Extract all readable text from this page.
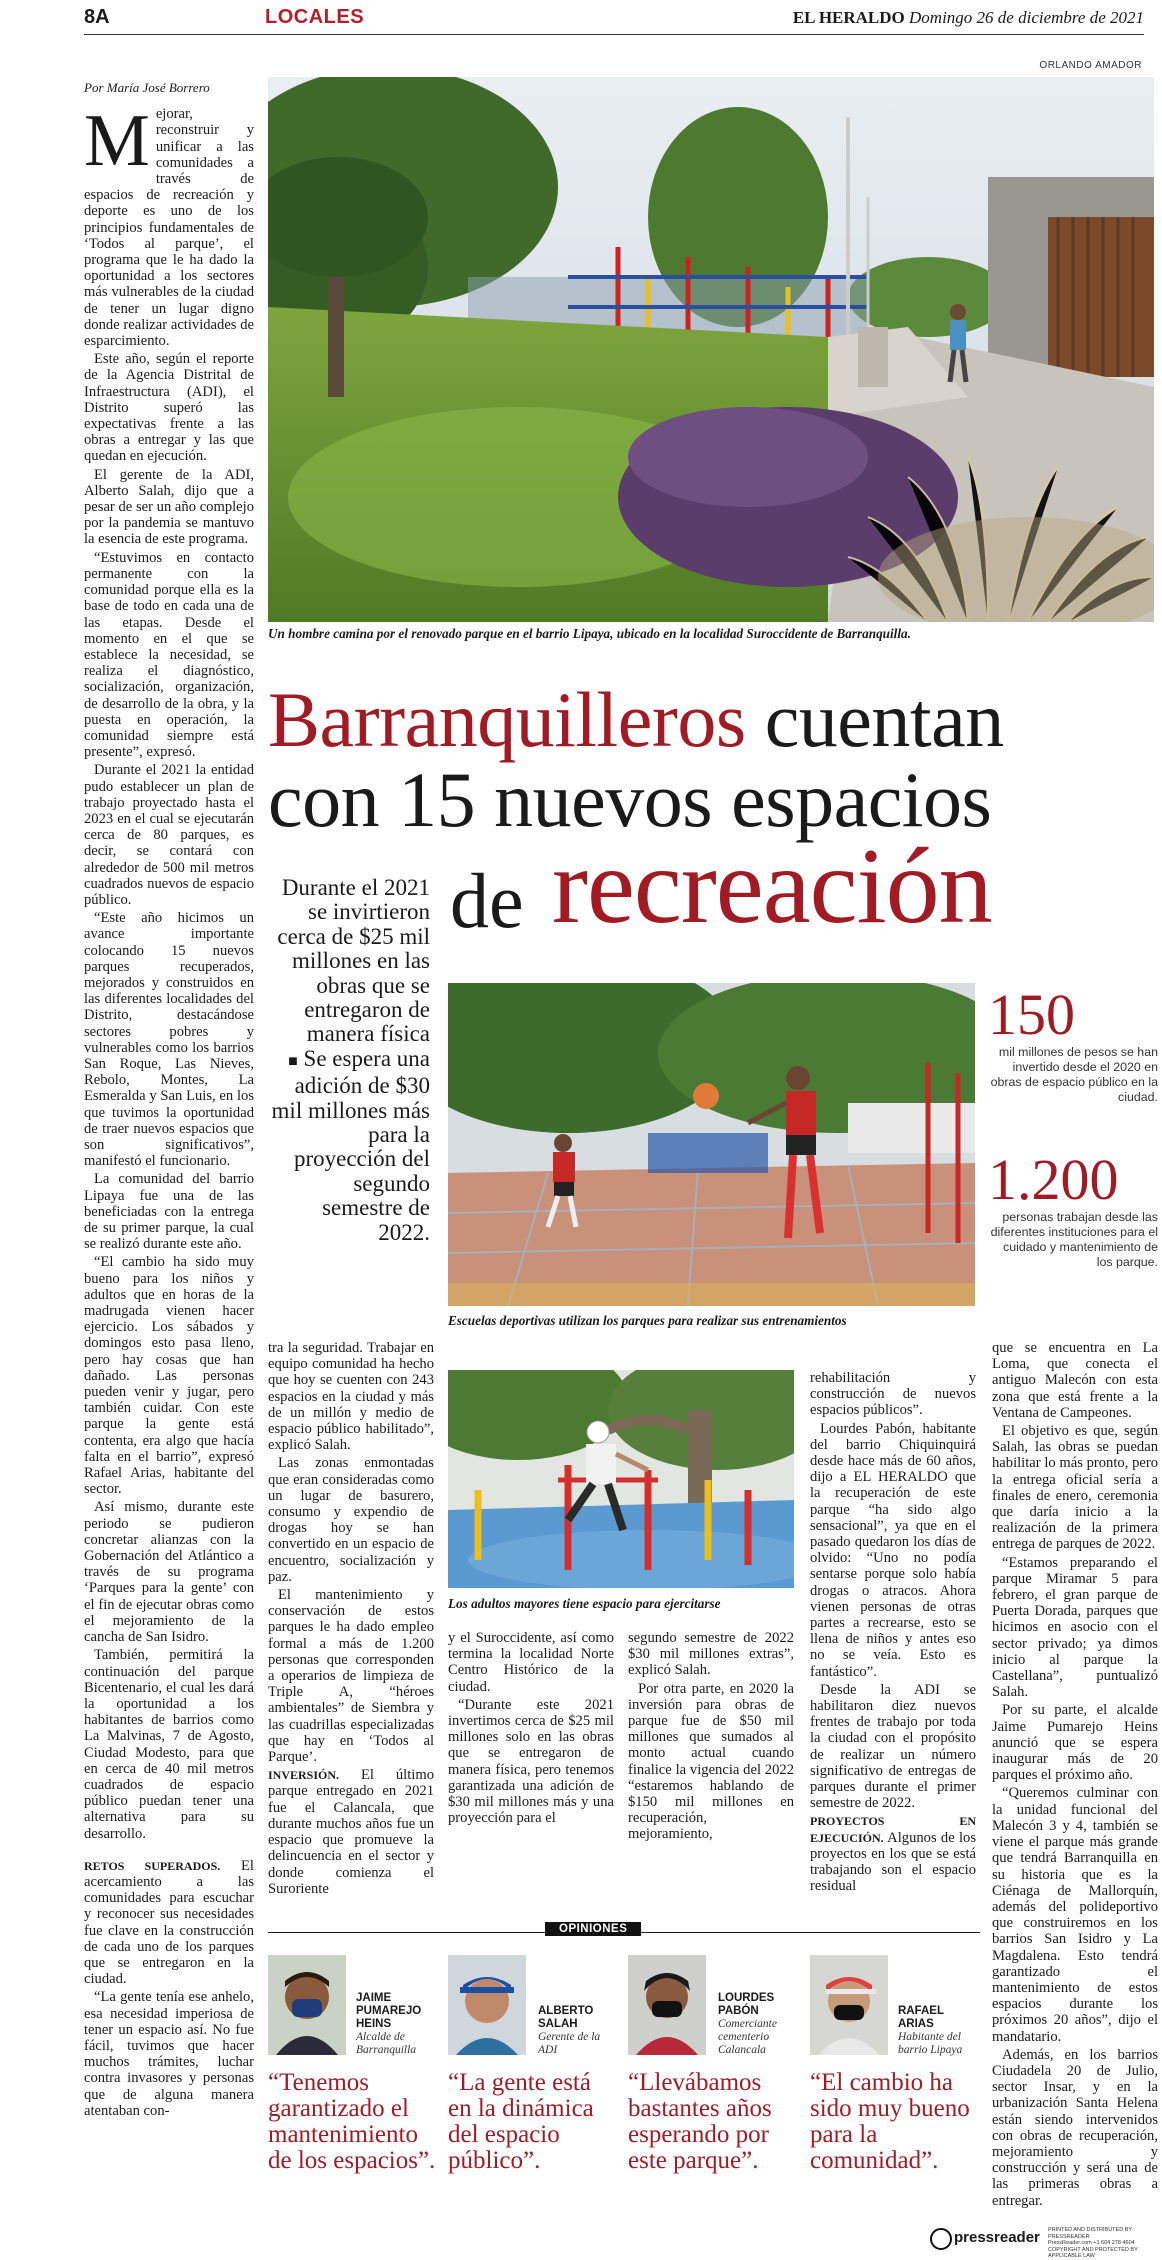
8A	LOCALES	EL HERALDO Domingo 26 de diciembre de 2021
ORLANDO AMADOR
Un hombre camina por el renovado parque en el barrio Lipaya, ubicado en la localidad Suroccidente de Barranquilla.

Por María José Borrero

Mejorar, reconstruir y unificar a las comunidades a través de espacios de recreación y deporte es uno de los principios fundamentales de ‘Todos al parque’, el programa que le ha dado la oportunidad a los sectores más vulnerables de la ciudad de tener un lugar digno donde realizar actividades de esparcimiento.

Este año, según el reporte de la Agencia Distrital de Infraestructura (ADI), el Distrito superó las expectativas frente a las obras a entregar y las que quedan en ejecución.

El gerente de la ADI, Alberto Salah, dijo que a pesar de ser un año complejo por la pandemia se mantuvo la esencia de este programa.

“Estuvimos en contacto permanente con la comunidad porque ella es la base de todo en cada una de las etapas. Desde el momento en el que se establece la necesidad, se realiza el diagnóstico, socialización, organización, de desarrollo de la obra, y la puesta en operación, la comunidad siempre está presente”, expresó.

Durante el 2021 la entidad pudo establecer un plan de trabajo proyectado hasta el 2023 en el cual se ejecutarán cerca de 80 parques, es decir, se contará con alrededor de 500 mil metros cuadrados nuevos de espacio público.

“Este año hicimos un avance importante colocando 15 nuevos parques recuperados, mejorados y construidos en las diferentes localidades del Distrito, destacándose sectores pobres y vulnerables como los barrios San Roque, Las Nieves, Rebolo, Montes, La Esmeralda y San Luis, en los que tuvimos la oportunidad de traer nuevos espacios que son significativos”, manifestó el funcionario.

La comunidad del barrio Lipaya fue una de las beneficiadas con la entrega de su primer parque, la cual se realizó durante este año.

“El cambio ha sido muy bueno para los niños y adultos que en horas de la madrugada vienen hacer ejercicio. Los sábados y domingos esto pasa lleno, pero hay cosas que han dañado. Las personas pueden venir y jugar, pero también cuidar. Con este parque la gente está contenta, era algo que hacía falta en el barrio”, expresó Rafael Arias, habitante del sector.

Así mismo, durante este periodo se pudieron concretar alianzas con la Gobernación del Atlántico a través de su programa ‘Parques para la gente’ con el fin de ejecutar obras como el mejoramiento de la cancha de San Isidro.

También, permitirá la continuación del parque Bicentenario, el cual les dará la oportunidad a los habitantes de barrios como La Malvinas, 7 de Agosto, Ciudad Modesto, para que en cerca de 40 mil metros cuadrados de espacio público puedan tener una alternativa para su desarrollo.

RETOS SUPERADOS. El acercamiento a las comunidades para escuchar y reconocer sus necesidades fue clave en la construcción de cada uno de los parques que se entregaron en la ciudad.

“La gente tenía ese anhelo, esa necesidad imperiosa de tener un espacio así. No fue fácil, tuvimos que hacer muchos trámites, luchar contra invasores y personas que de alguna manera atentaban con-

Barranquilleros cuentan
con 15 nuevos espacios
de recreación
Durante el 2021 se invirtieron cerca de $25 mil millones en las obras que se entregaron de manera física
■ Se espera una adición de $30 mil millones más para la proyección del segundo semestre de 2022.
Escuelas deportivas utilizan los parques para realizar sus entrenamientos
150
mil millones de pesos se han invertido desde el 2020 en obras de espacio público en la ciudad.
1.200
personas trabajan desde las diferentes instituciones para el cuidado y mantenimiento de los parque.

tra la seguridad. Trabajar en equipo comunidad ha hecho que hoy se cuenten con 243 espacios en la ciudad y más de un millón y medio de espacio público habilitado”, explicó Salah.

Las zonas enmontadas que eran consideradas como un lugar de basurero, consumo y expendio de drogas hoy se han convertido en un espacio de encuentro, socialización y paz.

El mantenimiento y conservación de estos parques le ha dado empleo formal a más de 1.200 personas que corresponden a operarios de limpieza de Triple A, “héroes ambientales” de Siembra y las cuadrillas especializadas que hay en ‘Todos al Parque’.

INVERSIÓN. El último parque entregado en 2021 fue el Calancala, que durante muchos años fue un espacio que promueve la delincuencia en el sector y donde comienza el Suroriente

Los adultos mayores tiene espacio para ejercitarse

y el Suroccidente, así como termina la localidad Norte Centro Histórico de la ciudad.

“Durante este 2021 invertimos cerca de $25 mil millones solo en las obras que se entregaron de manera física, pero tenemos garantizada una adición de $30 mil millones más y una proyección para el

rehabilitación y construcción de nuevos espacios públicos”.

Lourdes Pabón, habitante del barrio Chiquinquirá desde hace más de 60 años, dijo a EL HERALDO que la recuperación de este parque “ha sido algo sensacional”, ya que en el pasado quedaron los días de olvido: “Uno no podía sentarse porque solo había drogas o atracos. Ahora vienen personas de otras partes a recrearse, esto se llena de niños y antes eso no se veía. Esto es fantástico”.

Desde la ADI se habilitaron diez nuevos frentes de trabajo por toda la ciudad con el propósito de realizar un número significativo de entregas de parques durante el primer semestre de 2022.

PROYECTOS EN EJECUCIÓN. Algunos de los proyectos en los que se está trabajando son el espacio residual

segundo semestre de 2022 $30 mil millones extras”, explicó Salah.

Por otra parte, en 2020 la inversión para obras de parque fue de $50 mil millones que sumados al monto actual cuando finalice la vigencia del 2022 “estaremos hablando de $150 mil millones en recuperación, mejoramiento,

que se encuentra en La Loma, que conecta el antiguo Malecón con esta zona que está frente a la Ventana de Campeones.

El objetivo es que, según Salah, las obras se puedan habilitar lo más pronto, pero la entrega oficial sería a finales de enero, ceremonia que daría inicio a la realización de la primera entrega de parques de 2022.

“Estamos preparando el parque Miramar 5 para febrero, el gran parque de Puerta Dorada, parques que hicimos en asocio con el sector privado; ya dimos inicio al parque la Castellana”, puntualizó Salah.

Por su parte, el alcalde Jaime Pumarejo Heins anunció que se espera inaugurar más de 20 parques el próximo año.

“Queremos culminar con la unidad funcional del Malecón 3 y 4, también se viene el parque más grande que tendrá Barranquilla en su historia que es la Ciénaga de Mallorquín, además del polideportivo que construiremos en los barrios San Isidro y La Magdalena. Esto tendrá garantizado el mantenimiento de estos espacios durante los próximos 20 años”, dijo el mandatario.

Además, en los barrios Ciudadela 20 de Julio, sector Insar, y en la urbanización Santa Helena están siendo intervenidos con obras de recuperación, mejoramiento y construcción y será una de las primeras obras a entregar.

OPINIONES
JAIME PUMAREJO HEINS
Alcalde de Barranquilla
“Tenemos garantizado el mantenimiento de los espacios”.
ALBERTO SALAH
Gerente de la ADI
“La gente está en la dinámica del espacio público”.
LOURDES PABÓN
Comerciante cementerio Calancala
“Llevábamos bastantes años esperando por este parque”.
RAFAEL ARIAS
Habitante del barrio Lipaya
“El cambio ha sido muy bueno para la comunidad”.
pressreader PRINTED AND DISTRIBUTED BY PRESSREADER
PressReader.com +1 604 278 4604
COPYRIGHT AND PROTECTED BY APPLICABLE LAW
